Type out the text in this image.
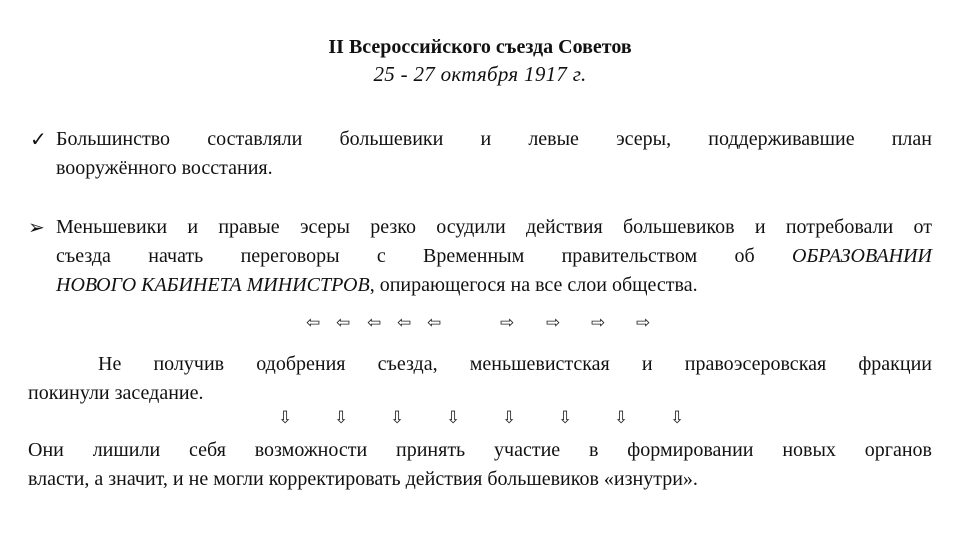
II Всероссийского съезда Советов
25 - 27 октября 1917 г.
✓ Большинство составляли большевики и левые эсеры, поддерживавшие план
вооружённого восстания.
➢ Меньшевики и правые эсеры резко осудили действия большевиков и потребовали от
съезда начать переговоры с Временным правительством об ОБРАЗОВАНИИ
НОВОГО КАБИНЕТА МИНИСТРОВ, опирающегося на все слои общества.
⇦ ⇦ ⇦ ⇦ ⇦	⇨ ⇨ ⇨ ⇨
Не получив одобрения съезда, меньшевистская и правоэсеровская фракции
покинули заседание.
⇩ ⇩ ⇩ ⇩ ⇩ ⇩ ⇩ ⇩
Они лишили себя возможности принять участие в формировании новых органов
власти, а значит, и не могли корректировать действия большевиков «изнутри».
